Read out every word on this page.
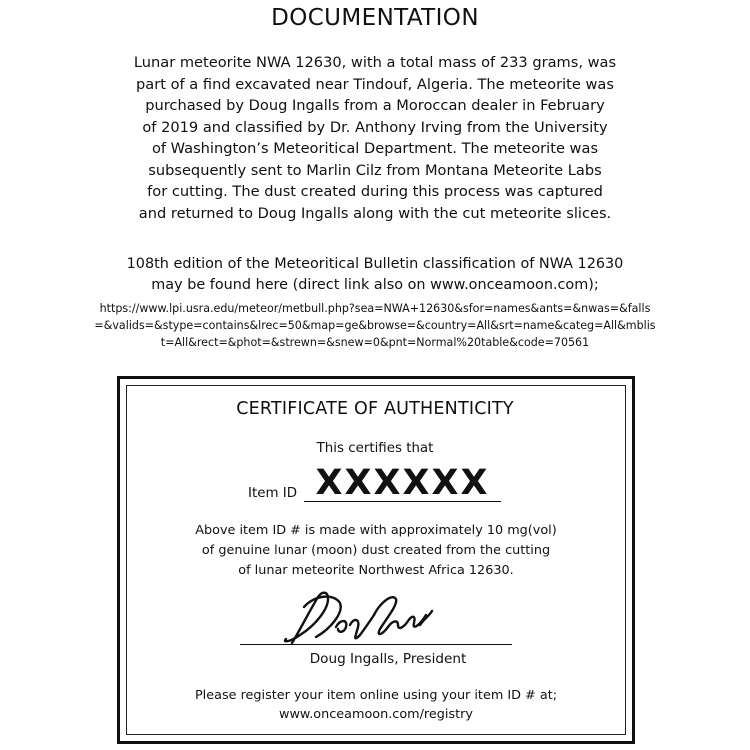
DOCUMENTATION
Lunar meteorite NWA 12630, with a total mass of 233 grams, was
part of a find excavated near Tindouf, Algeria. The meteorite was
purchased by Doug Ingalls from a Moroccan dealer in February
of 2019 and classified by Dr. Anthony Irving from the University
of Washington’s Meteoritical Department. The meteorite was
subsequently sent to Marlin Cilz from Montana Meteorite Labs
for cutting. The dust created during this process was captured
and returned to Doug Ingalls along with the cut meteorite slices.
108th edition of the Meteoritical Bulletin classification of NWA 12630
may be found here (direct link also on www.onceamoon.com);
https://www.lpi.usra.edu/meteor/metbull.php?sea=NWA+12630&sfor=names&ants=&nwas=&falls
=&valids=&stype=contains&lrec=50&map=ge&browse=&country=All&srt=name&categ=All&mblis
t=All&rect=&phot=&strewn=&snew=0&pnt=Normal%20table&code=70561
CERTIFICATE OF AUTHENTICITY
This certifies that
Item ID XXXXXX
Above item ID # is made with approximately 10 mg(vol)
of genuine lunar (moon) dust created from the cutting
of lunar meteorite Northwest Africa 12630.
Doug Ingalls, President
Please register your item online using your item ID # at;
www.onceamoon.com/registry
